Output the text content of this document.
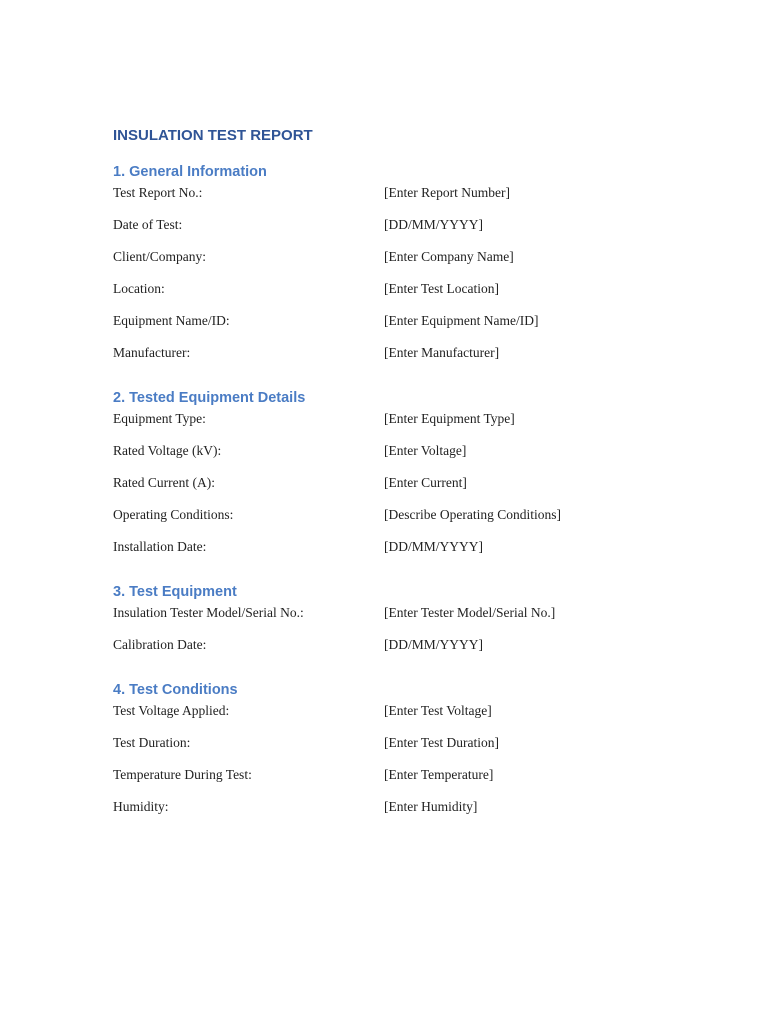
INSULATION TEST REPORT
1. General Information
Test Report No.:	[Enter Report Number]
Date of Test:	[DD/MM/YYYY]
Client/Company:	[Enter Company Name]
Location:	[Enter Test Location]
Equipment Name/ID:	[Enter Equipment Name/ID]
Manufacturer:	[Enter Manufacturer]
2. Tested Equipment Details
Equipment Type:	[Enter Equipment Type]
Rated Voltage (kV):	[Enter Voltage]
Rated Current (A):	[Enter Current]
Operating Conditions:	[Describe Operating Conditions]
Installation Date:	[DD/MM/YYYY]
3. Test Equipment
Insulation Tester Model/Serial No.:	[Enter Tester Model/Serial No.]
Calibration Date:	[DD/MM/YYYY]
4. Test Conditions
Test Voltage Applied:	[Enter Test Voltage]
Test Duration:	[Enter Test Duration]
Temperature During Test:	[Enter Temperature]
Humidity:	[Enter Humidity]
